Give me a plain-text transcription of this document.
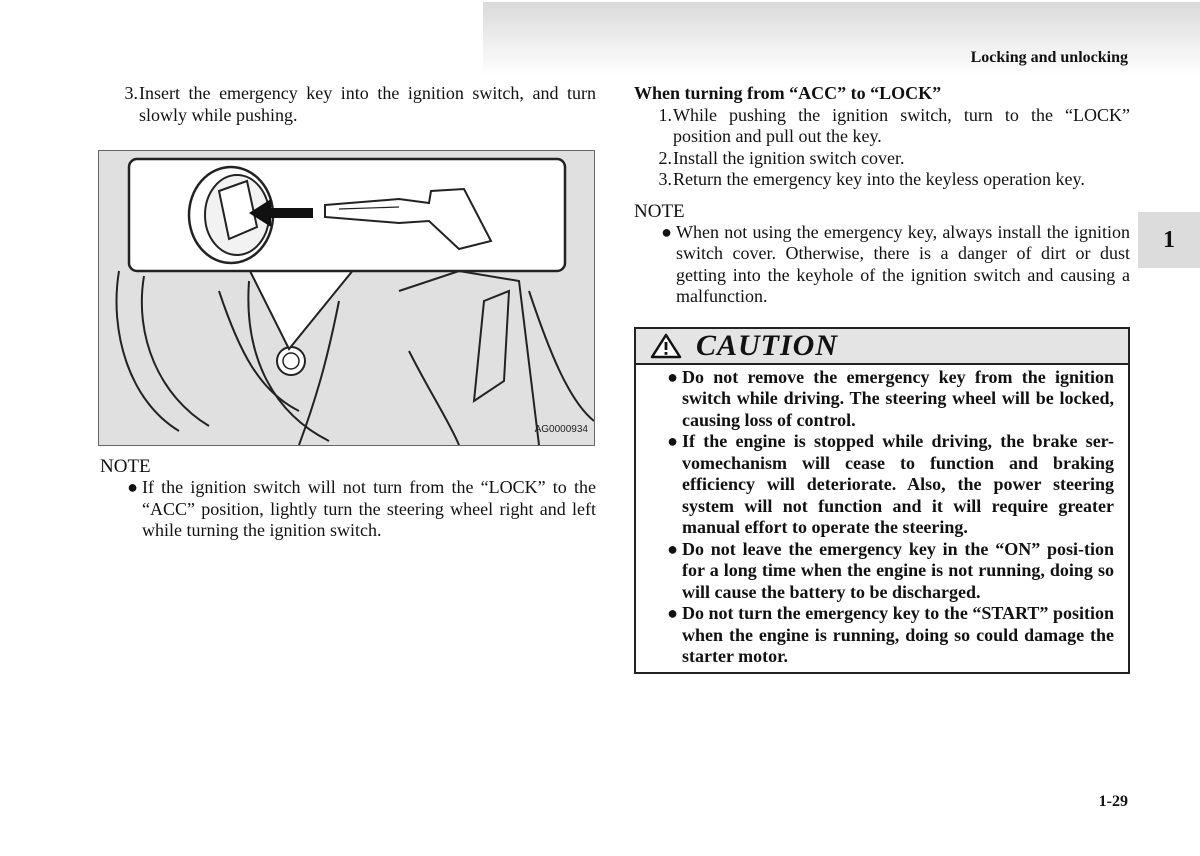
Locking and unlocking
1
1-29
3. Insert the emergency key into the ignition switch, and turn slowly while pushing.
AG0000934
NOTE
● If the ignition switch will not turn from the “LOCK” to the “ACC” position, lightly turn the steering wheel right and left while turning the ignition switch.
When turning from “ACC” to “LOCK”
1. While pushing the ignition switch, turn to the “LOCK” position and pull out the key.
2. Install the ignition switch cover.
3. Return the emergency key into the keyless operation key.
NOTE
● When not using the emergency key, always install the ignition switch cover. Otherwise, there is a danger of dirt or dust getting into the keyhole of the ignition switch and causing a malfunction.
CAUTION
● Do not remove the emergency key from the ignition switch while driving. The steering wheel will be locked, causing loss of control.
● If the engine is stopped while driving, the brake ser-vomechanism will cease to function and braking efficiency will deteriorate. Also, the power steering system will not function and it will require greater manual effort to operate the steering.
● Do not leave the emergency key in the “ON” posi-tion for a long time when the engine is not running, doing so will cause the battery to be discharged.
● Do not turn the emergency key to the “START” position when the engine is running, doing so could damage the starter motor.
